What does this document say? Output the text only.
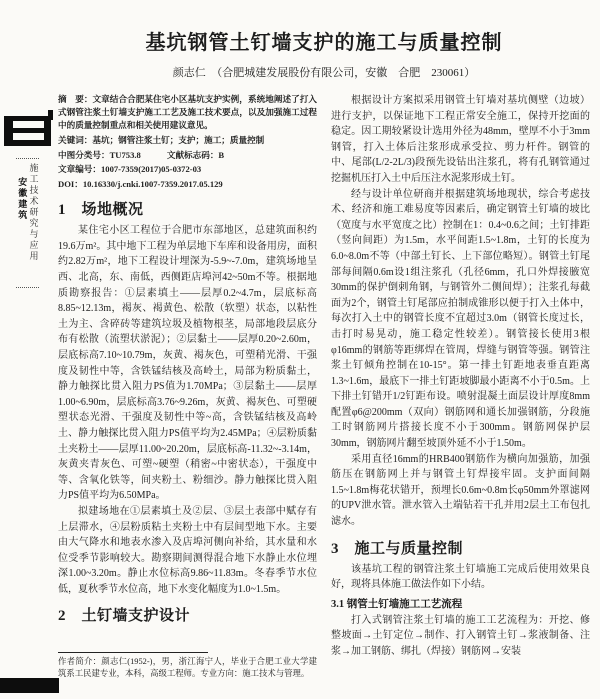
施工技术研究与应用 安徽建筑
基坑钢管土钉墙支护的施工与质量控制
颜志仁　（合肥城建发展股份有限公司，安徽　合肥　230061）

摘　要：文章结合合肥某住宅小区基坑支护实例，系统地阐述了打入式钢管注浆土钉墙支护施工工艺及施工技术要点，以及加强施工过程中的质量控制重点和相关使用建议意见。

关键词：基坑；钢管注浆土钉；支护；施工；质量控制

中图分类号：TU753.8	文献标志码：B

文章编号：1007-7359(2017)05-0372-03

DOI：10.16330/j.cnki.1007-7359.2017.05.129

1　场地概况

某住宅小区工程位于合肥市东部地区，总建筑面积约19.6万m²。其中地下工程为单层地下车库和设备用房，面积约2.82万m²，地下工程设计埋深为-5.9~-7.0m，建筑场地呈西、北高，东、南低，西侧距店埠河42~50m不等。根据地质勘察报告：①层素填土——层厚0.2~4.7m，层底标高8.85~12.13m，褐灰、褐黄色、松散（软塑）状态，以粘性土为主、含碎砖等建筑垃圾及植物根茎，局部地段层底分布有松散（流塑状淤泥）；②层黏土——层厚0.20~2.60m，层底标高7.10~10.79m，灰黄、褐灰色，可塑稍光滑、干强度及韧性中等，含铁锰结核及高岭土，局部为粉质黏土，静力触探比贯入阻力PS值为1.70MPa；③层黏土——层厚1.00~6.90m，层底标高3.76~9.26m，灰黄、褐灰色、可塑硬塑状态光滑、干强度及韧性中等~高，含铁锰结核及高岭土、静力触探比贯入阻力PS值平均为2.45MPa；④层粉质黏土夹粉土——层厚11.00~20.20m，层底标高-11.32~-3.14m，灰黄夹青灰色、可塑~硬塑（稍密~中密状态），干强度中等、含氧化铁等，间夹粉土、粉细沙。静力触探比贯入阻力PS值平均为6.50MPa。

拟建场地在①层素填土及②层、③层土表部中赋存有上层滞水，④层粉质粘土夹粉土中有层间型地下水。主要由大气降水和地表水渗入及店埠河侧向补给，其水量和水位受季节影响较大。勘察期间测得混合地下水静止水位埋深1.00~3.20m。静止水位标高9.86~11.83m。冬春季节水位低，夏秋季节水位高，地下水变化幅度为1.0~1.5m。

2　土钉墙支护设计

作者简介：颜志仁(1952-)，男，浙江海宁人，毕业于合肥工业大学建筑系工民建专业，本科，高级工程师。专业方向：施工技术与管理。

根据设计方案拟采用钢管土钉墙对基坑侧壁（边坡）进行支护，以保证地下工程正常安全施工，保持开挖面的稳定。因工期较紧设计选用外径为48mm，壁厚不小于3mm钢管，打入土体后注浆形成承受拉、剪力杆件。钢管的中、尾部(L/2-2L/3)段预先设钻出注浆孔，将有孔钢管通过挖掘机压打入土中后压注水泥浆形成土钉。

经与设计单位研商并根据建筑场地现状，综合考虑技术、经济和施工难易度等因素后，确定钢管土钉墙的坡比（宽度与水平宽度之比）控制在1：0.4~0.6之间；土钉排距（竖向间距）为1.5m，水平间距1.5~1.8m，土钉的长度为6.0~8.0m不等（中部土钉长、上下部位略短）。钢管土钉尾部每间隔0.6m设1组注浆孔（孔径6mm，孔口外焊接腋宽30mm的保护倒刺角钢，与钢管外二侧间焊）；注浆孔每截面为2个，钢管土钉尾部应拍制成锥形以便于打入土体中，每次打入土中的钢管长度不宜超过3.0m（钢管长度过长，击打时易晃动，施工稳定性较差）。钢管接长使用3根φ16mm的钢筋等距绑焊在管周，焊缝与钢管等强。钢管注浆土钉倾角控制在10-15°。第一排土钉距地表垂直距离1.3~1.6m，最底下一排土钉距坡脚最小距离不小于0.5m。上下排土钉错开1/2钉距布设。喷射混凝土面层设计厚度8mm配置φ6@200mm（双向）钢筋网和通长加强钢筋，分段施工时钢筋网片搭接长度不小于300mm。钢筋网保护层30mm，钢筋网片翻至坡顶外延不小于1.50m。

采用直径16mm的HRB400钢筋作为横向加强筋，加强筋压在钢筋网上并与钢管土钉焊接牢固。支护面间隔1.5~1.8m梅花状错开，预埋长0.6m~0.8m长φ50mm外罩滤网的UPV泄水管。泄水管入土端钻若干孔并用2层土工布包扎滤水。

3　施工与质量控制

该基坑工程的钢管注浆土钉墙施工完成后使用效果良好，现将具体施工做法作如下小结。

3.1 钢管土钉墙施工工艺流程

打入式钢管注浆土钉墙的施工工艺流程为：开挖、修整坡面→土钉定位→制作、打入钢管土钉→浆液制备、注浆→加工钢筋、绑扎（焊接）钢筋网→安装
